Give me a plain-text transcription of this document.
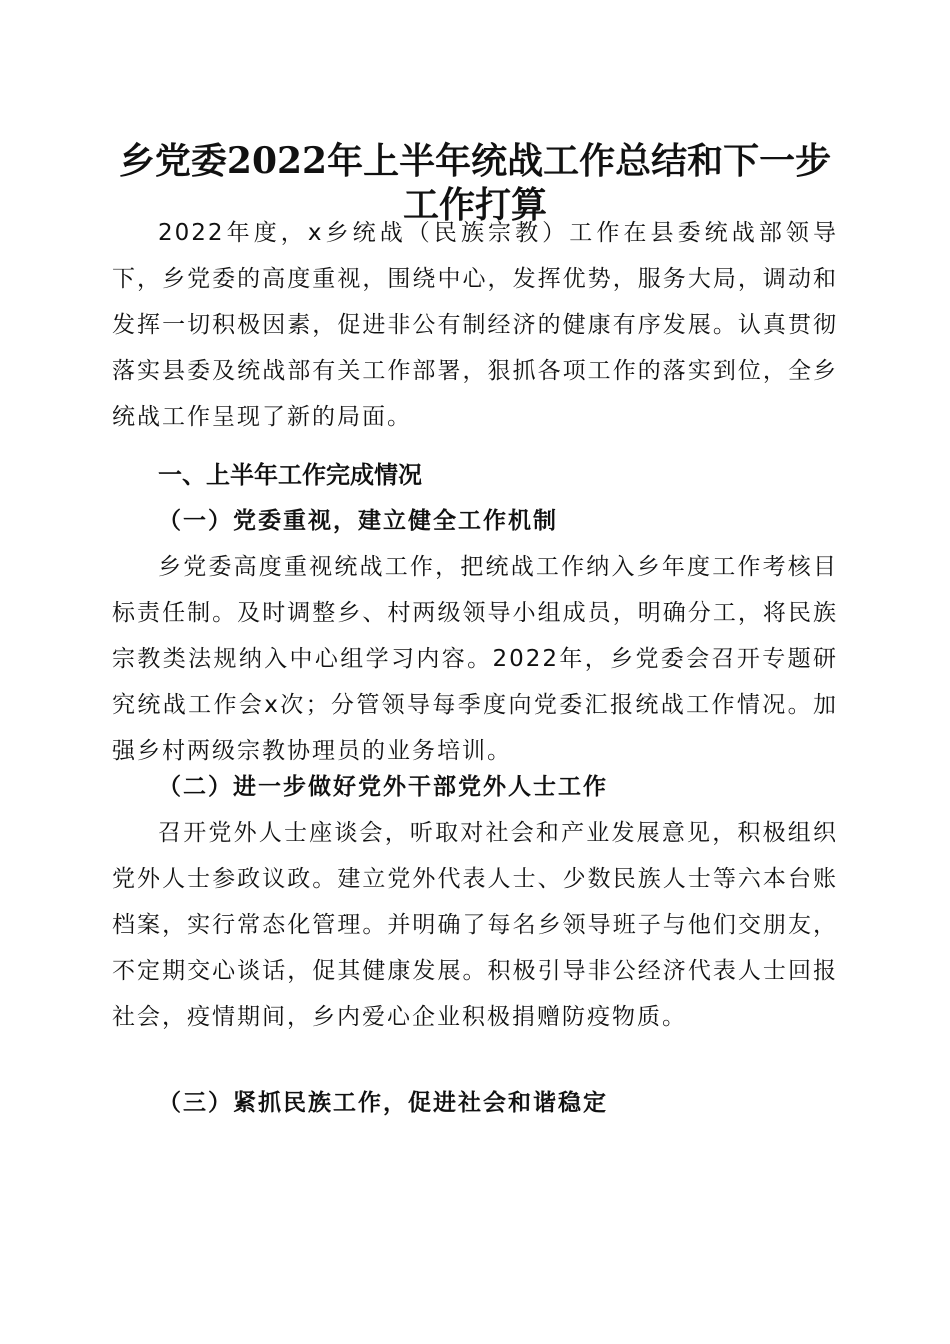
乡党委2022年上半年统战工作总结和下一步
工作打算

2022年度，x乡统战（民族宗教）工作在县委统战部领导下，乡党委的高度重视，围绕中心，发挥优势，服务大局，调动和发挥一切积极因素，促进非公有制经济的健康有序发展。认真贯彻落实县委及统战部有关工作部署，狠抓各项工作的落实到位，全乡统战工作呈现了新的局面。

一、上半年工作完成情况
（一）党委重视，建立健全工作机制

乡党委高度重视统战工作，把统战工作纳入乡年度工作考核目标责任制。及时调整乡、村两级领导小组成员，明确分工，将民族宗教类法规纳入中心组学习内容。2022年，乡党委会召开专题研究统战工作会x次；分管领导每季度向党委汇报统战工作情况。加强乡村两级宗教协理员的业务培训。

（二）进一步做好党外干部党外人士工作

召开党外人士座谈会，听取对社会和产业发展意见，积极组织党外人士参政议政。建立党外代表人士、少数民族人士等六本台账档案，实行常态化管理。并明确了每名乡领导班子与他们交朋友，不定期交心谈话，促其健康发展。积极引导非公经济代表人士回报社会，疫情期间，乡内爱心企业积极捐赠防疫物质。

（三）紧抓民族工作，促进社会和谐稳定
